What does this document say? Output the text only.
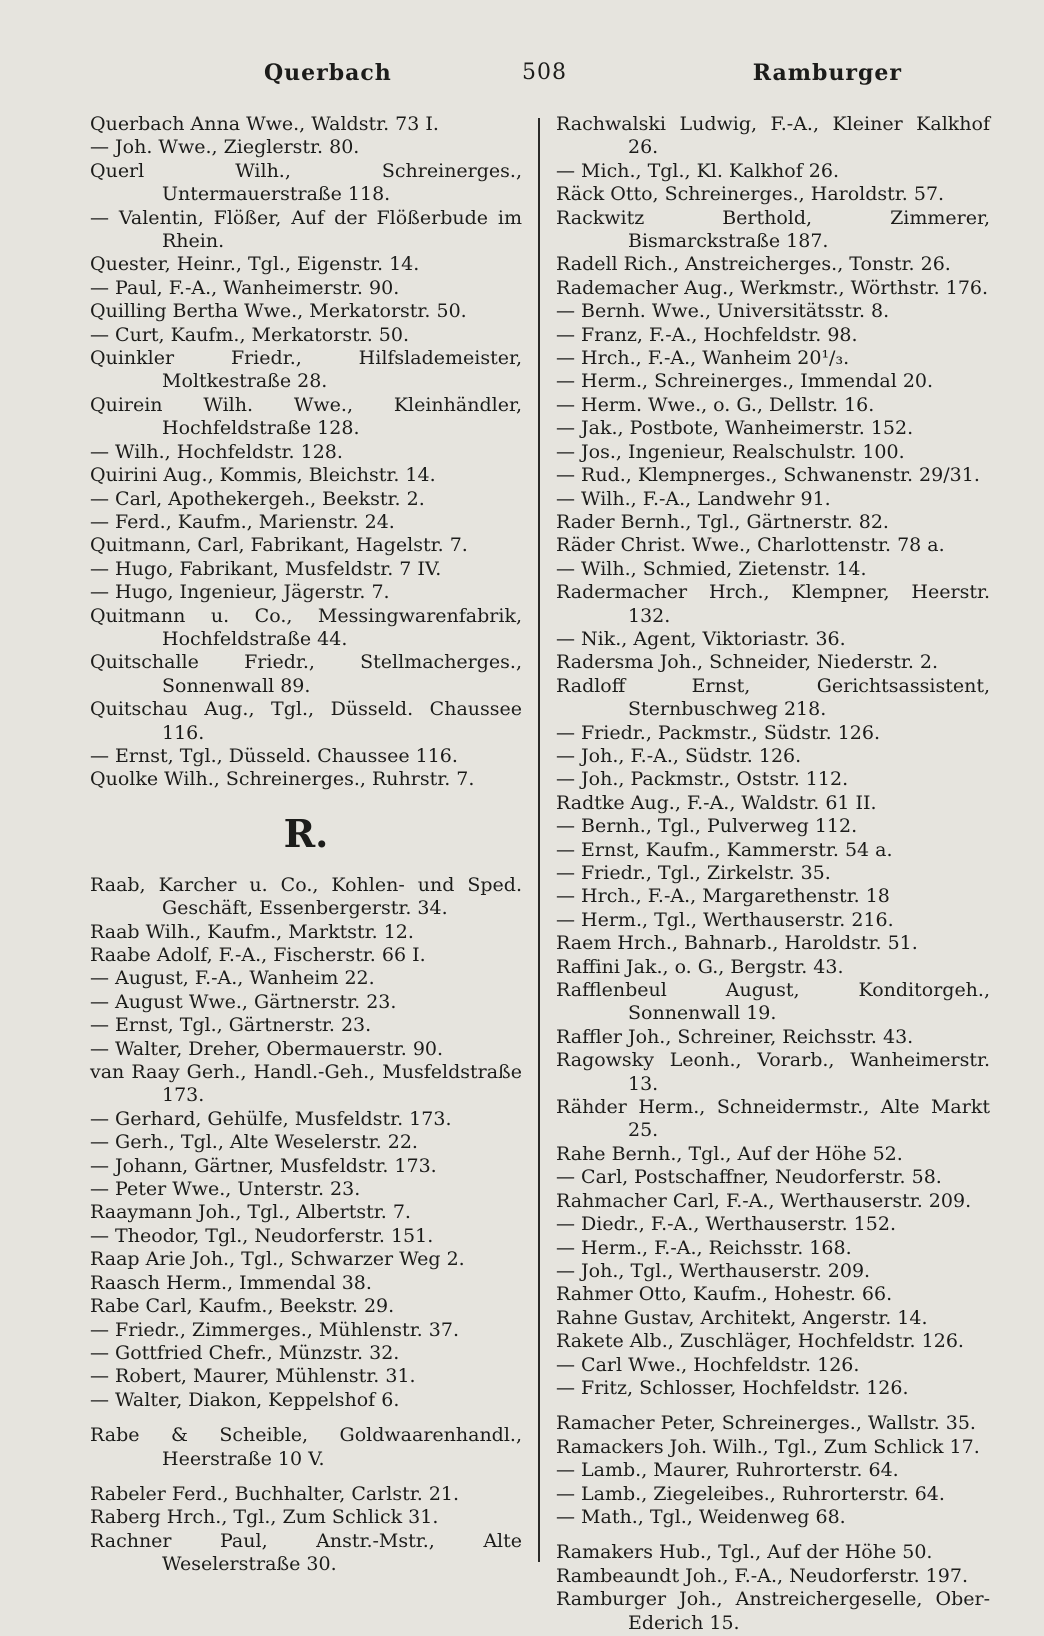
Querbach	508	Ramburger

Querbach Anna Wwe., Waldstr. 73 I.

— Joh. Wwe., Zieglerstr. 80.

Querl Wilh., Schreinerges., Untermauerstraße 118.

— Valentin, Flößer, Auf der Flößerbude im Rhein.

Quester, Heinr., Tgl., Eigenstr. 14.

— Paul, F.-A., Wanheimerstr. 90.

Quilling Bertha Wwe., Merkatorstr. 50.

— Curt, Kaufm., Merkatorstr. 50.

Quinkler Friedr., Hilfslademeister, Moltkestraße 28.

Quirein Wilh. Wwe., Kleinhändler, Hochfeldstraße 128.

— Wilh., Hochfeldstr. 128.

Quirini Aug., Kommis, Bleichstr. 14.

— Carl, Apothekergeh., Beekstr. 2.

— Ferd., Kaufm., Marienstr. 24.

Quitmann, Carl, Fabrikant, Hagelstr. 7.

— Hugo, Fabrikant, Musfeldstr. 7 IV.

— Hugo, Ingenieur, Jägerstr. 7.

Quitmann u. Co., Messingwarenfabrik, Hochfeldstraße 44.

Quitschalle Friedr., Stellmacherges., Sonnenwall 89.

Quitschau Aug., Tgl., Düsseld. Chaussee 116.

— Ernst, Tgl., Düsseld. Chaussee 116.

Quolke Wilh., Schreinerges., Ruhrstr. 7.

R.

Raab, Karcher u. Co., Kohlen- und Sped. Geschäft, Essenbergerstr. 34.

Raab Wilh., Kaufm., Marktstr. 12.

Raabe Adolf, F.-A., Fischerstr. 66 I.

— August, F.-A., Wanheim 22.

— August Wwe., Gärtnerstr. 23.

— Ernst, Tgl., Gärtnerstr. 23.

— Walter, Dreher, Obermauerstr. 90.

van Raay Gerh., Handl.-Geh., Musfeldstraße 173.

— Gerhard, Gehülfe, Musfeldstr. 173.

— Gerh., Tgl., Alte Weselerstr. 22.

— Johann, Gärtner, Musfeldstr. 173.

— Peter Wwe., Unterstr. 23.

Raaymann Joh., Tgl., Albertstr. 7.

— Theodor, Tgl., Neudorferstr. 151.

Raap Arie Joh., Tgl., Schwarzer Weg 2.

Raasch Herm., Immendal 38.

Rabe Carl, Kaufm., Beekstr. 29.

— Friedr., Zimmerges., Mühlenstr. 37.

— Gottfried Chefr., Münzstr. 32.

— Robert, Maurer, Mühlenstr. 31.

— Walter, Diakon, Keppelshof 6.

Rabe & Scheible, Goldwaarenhandl., Heerstraße 10 V.

Rabeler Ferd., Buchhalter, Carlstr. 21.

Raberg Hrch., Tgl., Zum Schlick 31.

Rachner Paul, Anstr.-Mstr., Alte Weselerstraße 30.

Rachwalski Ludwig, F.-A., Kleiner Kalkhof 26.

— Mich., Tgl., Kl. Kalkhof 26.

Räck Otto, Schreinerges., Haroldstr. 57.

Rackwitz Berthold, Zimmerer, Bismarckstraße 187.

Radell Rich., Anstreicherges., Tonstr. 26.

Rademacher Aug., Werkmstr., Wörthstr. 176.

— Bernh. Wwe., Universitätsstr. 8.

— Franz, F.-A., Hochfeldstr. 98.

— Hrch., F.-A., Wanheim 20¹/₃.

— Herm., Schreinerges., Immendal 20.

— Herm. Wwe., o. G., Dellstr. 16.

— Jak., Postbote, Wanheimerstr. 152.

— Jos., Ingenieur, Realschulstr. 100.

— Rud., Klempnerges., Schwanenstr. 29/31.

— Wilh., F.-A., Landwehr 91.

Rader Bernh., Tgl., Gärtnerstr. 82.

Räder Christ. Wwe., Charlottenstr. 78 a.

— Wilh., Schmied, Zietenstr. 14.

Radermacher Hrch., Klempner, Heerstr. 132.

— Nik., Agent, Viktoriastr. 36.

Radersma Joh., Schneider, Niederstr. 2.

Radloff Ernst, Gerichtsassistent, Sternbuschweg 218.

— Friedr., Packmstr., Südstr. 126.

— Joh., F.-A., Südstr. 126.

— Joh., Packmstr., Oststr. 112.

Radtke Aug., F.-A., Waldstr. 61 II.

— Bernh., Tgl., Pulverweg 112.

— Ernst, Kaufm., Kammerstr. 54 a.

— Friedr., Tgl., Zirkelstr. 35.

— Hrch., F.-A., Margarethenstr. 18

— Herm., Tgl., Werthauserstr. 216.

Raem Hrch., Bahnarb., Haroldstr. 51.

Raffini Jak., o. G., Bergstr. 43.

Rafflenbeul August, Konditorgeh., Sonnenwall 19.

Raffler Joh., Schreiner, Reichsstr. 43.

Ragowsky Leonh., Vorarb., Wanheimerstr. 13.

Rähder Herm., Schneidermstr., Alte Markt 25.

Rahe Bernh., Tgl., Auf der Höhe 52.

— Carl, Postschaffner, Neudorferstr. 58.

Rahmacher Carl, F.-A., Werthauserstr. 209.

— Diedr., F.-A., Werthauserstr. 152.

— Herm., F.-A., Reichsstr. 168.

— Joh., Tgl., Werthauserstr. 209.

Rahmer Otto, Kaufm., Hohestr. 66.

Rahne Gustav, Architekt, Angerstr. 14.

Rakete Alb., Zuschläger, Hochfeldstr. 126.

— Carl Wwe., Hochfeldstr. 126.

— Fritz, Schlosser, Hochfeldstr. 126.

Ramacher Peter, Schreinerges., Wallstr. 35.

Ramackers Joh. Wilh., Tgl., Zum Schlick 17.

— Lamb., Maurer, Ruhrorterstr. 64.

— Lamb., Ziegeleibes., Ruhrorterstr. 64.

— Math., Tgl., Weidenweg 68.

Ramakers Hub., Tgl., Auf der Höhe 50.

Rambeaundt Joh., F.-A., Neudorferstr. 197.

Ramburger Joh., Anstreichergeselle, Ober-Ederich 15.
